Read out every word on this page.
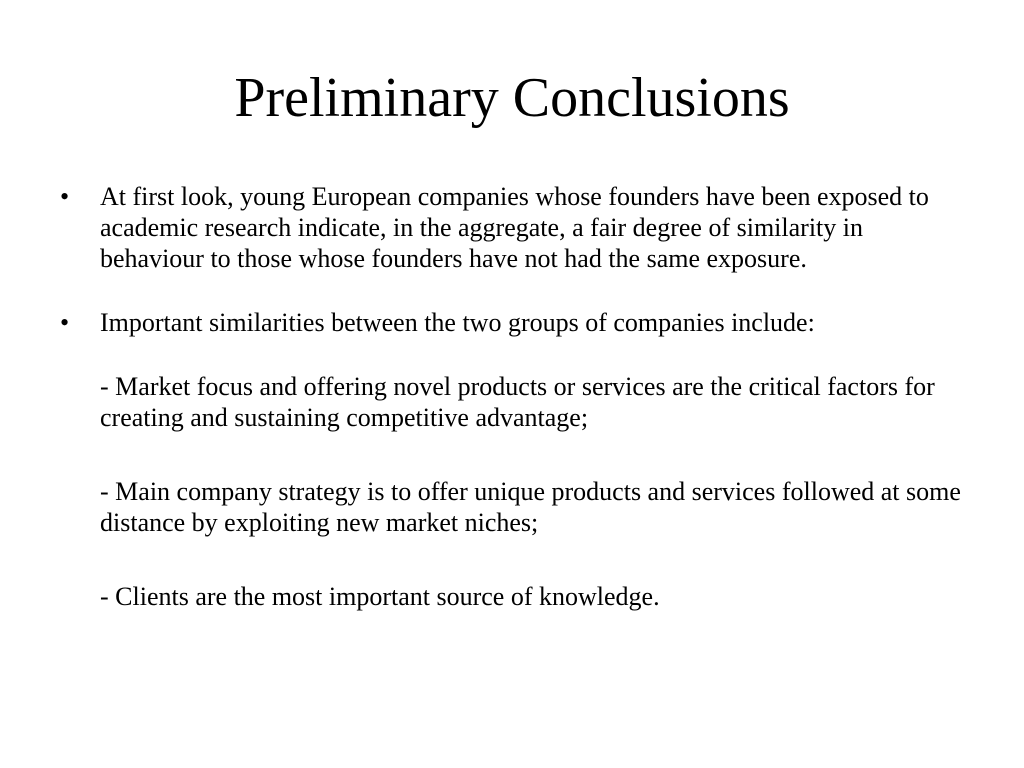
Preliminary Conclusions

•	At first look, young European companies whose founders have been exposed to academic research indicate, in the aggregate, a fair degree of similarity in behaviour to those whose founders have not had the same exposure.

•	Important similarities between the two groups of companies include:

- Market focus and offering novel products or services are the critical factors for creating and sustaining competitive advantage;

- Main company strategy is to offer unique products and services followed at some distance by exploiting new market niches;

- Clients are the most important source of knowledge.
